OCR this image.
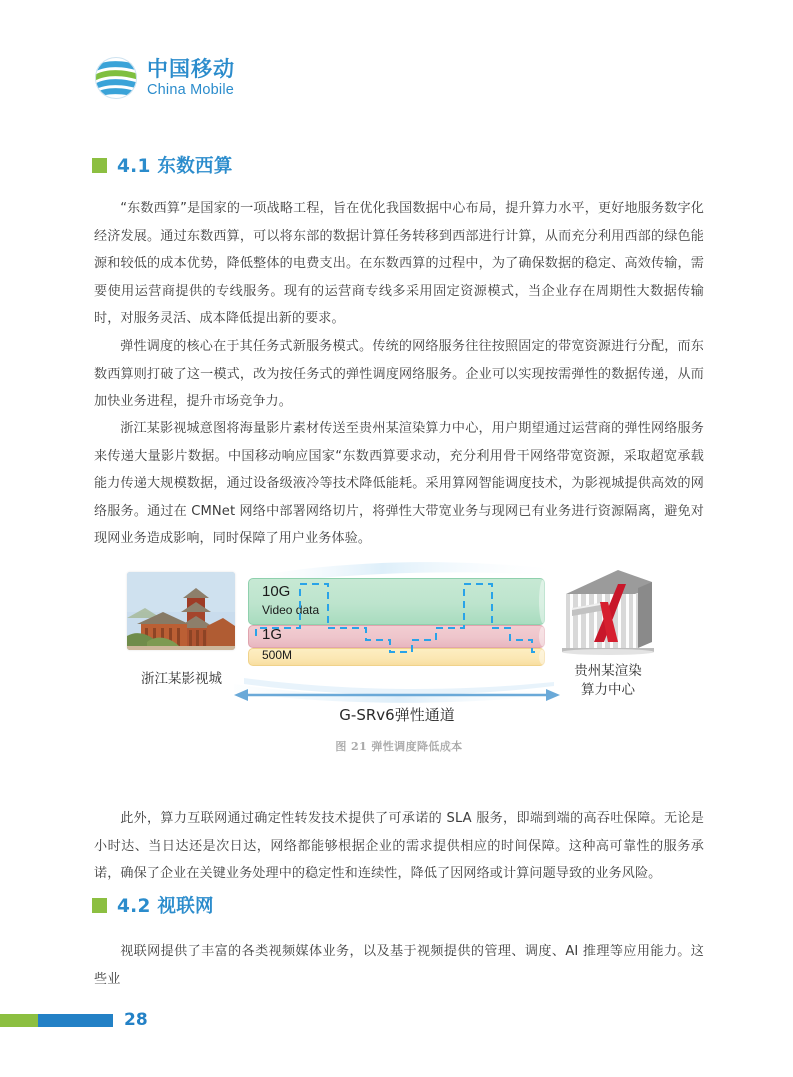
中国移动
China Mobile
4.1 东数西算

“东数西算”是国家的一项战略工程，旨在优化我国数据中心布局，提升算力水平，更好地服务数字化经济发展。通过东数西算，可以将东部的数据计算任务转移到西部进行计算，从而充分利用西部的绿色能源和较低的成本优势，降低整体的电费支出。在东数西算的过程中，为了确保数据的稳定、高效传输，需要使用运营商提供的专线服务。现有的运营商专线多采用固定资源模式，当企业存在周期性大数据传输时，对服务灵活、成本降低提出新的要求。

弹性调度的核心在于其任务式新服务模式。传统的网络服务往往按照固定的带宽资源进行分配，而东数西算则打破了这一模式，改为按任务式的弹性调度网络服务。企业可以实现按需弹性的数据传递，从而加快业务进程，提升市场竞争力。

浙江某影视城意图将海量影片素材传送至贵州某渲染算力中心，用户期望通过运营商的弹性网络服务来传递大量影片数据。中国移动响应国家“东数西算要求动，充分利用骨干网络带宽资源，采取超宽承载能力传递大规模数据，通过设备级液冷等技术降低能耗。采用算网智能调度技术，为影视城提供高效的网络服务。通过在 CMNet 网络中部署网络切片，将弹性大带宽业务与现网已有业务进行资源隔离，避免对现网业务造成影响，同时保障了用户业务体验。

10G
Video data
1G
500M
浙江某影视城	贵州某渲染
算力中心
G-SRv6弹性通道
图 21 弹性调度降低成本

此外，算力互联网通过确定性转发技术提供了可承诺的 SLA 服务，即端到端的高吞吐保障。无论是小时达、当日达还是次日达，网络都能够根据企业的需求提供相应的时间保障。这种高可靠性的服务承诺，确保了企业在关键业务处理中的稳定性和连续性，降低了因网络或计算问题导致的业务风险。

4.2 视联网

视联网提供了丰富的各类视频媒体业务，以及基于视频提供的管理、调度、AI 推理等应用能力。这些业

28
